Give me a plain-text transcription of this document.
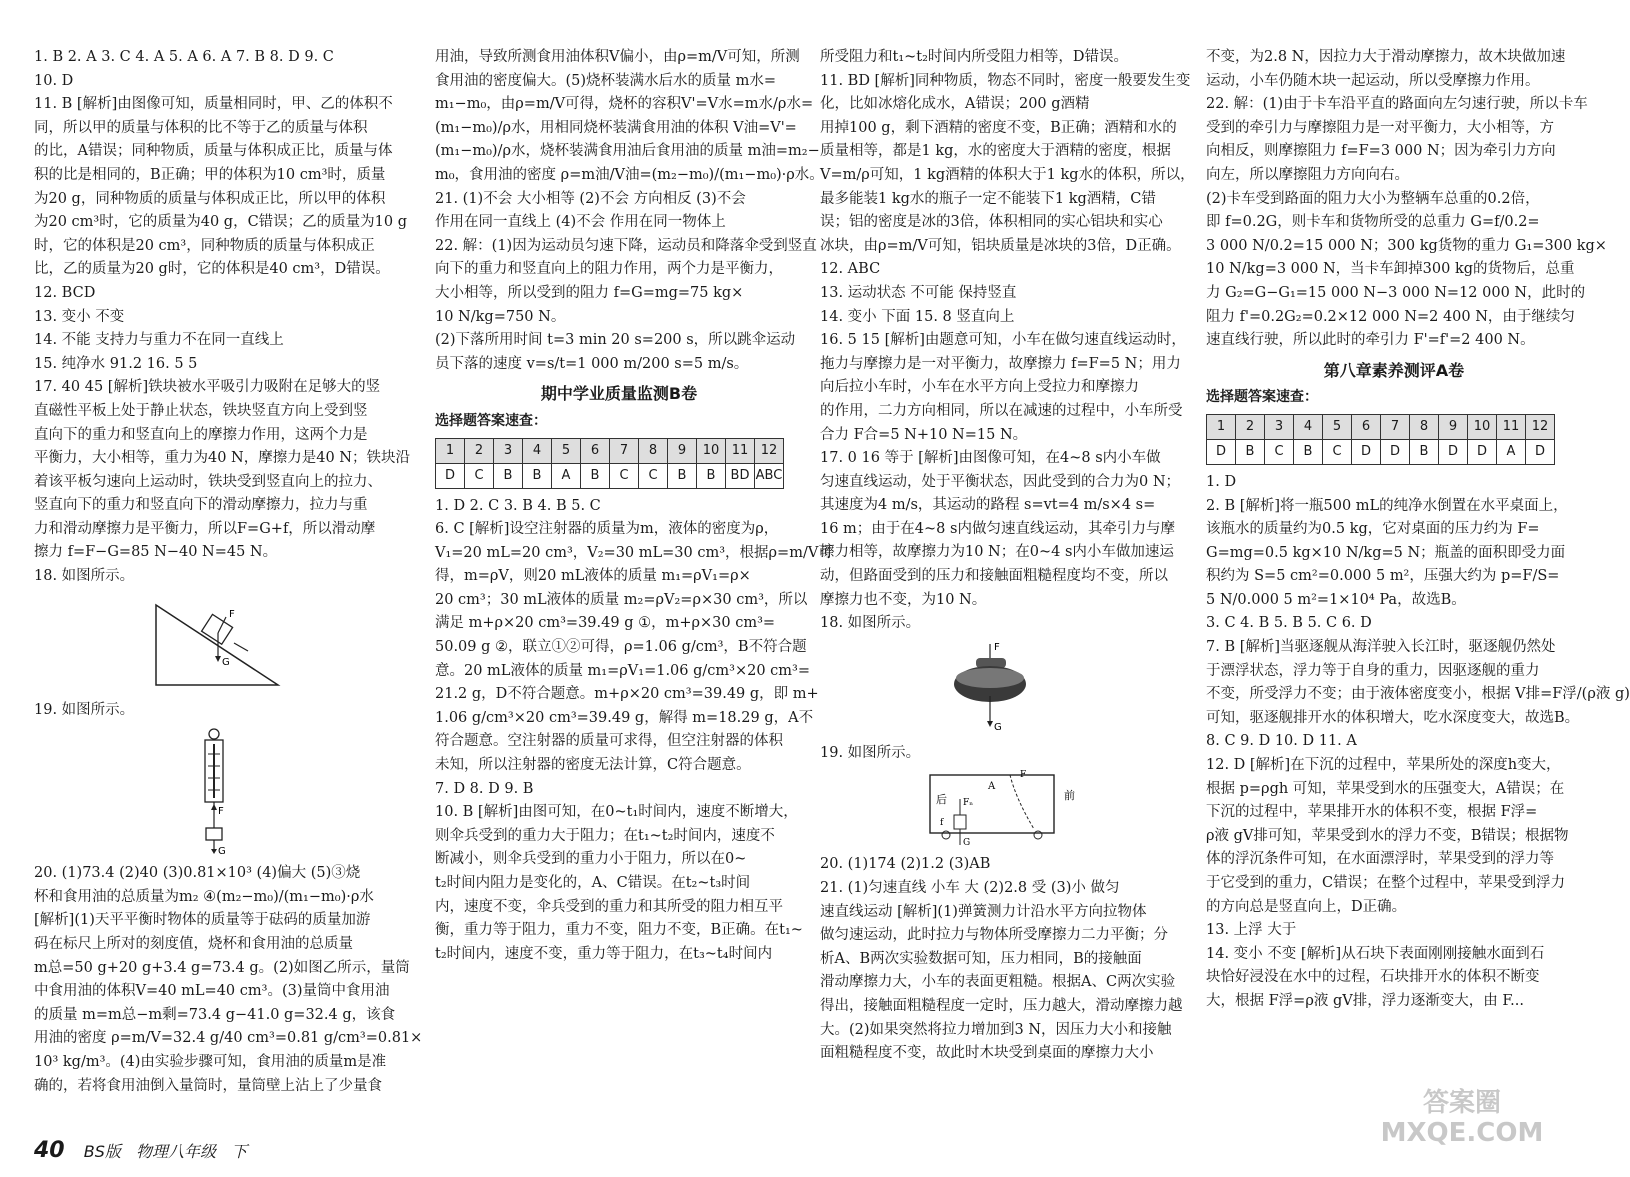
1. B 2. A 3. C 4. A 5. A 6. A 7. B 8. D 9. C
10. D
11. B [解析]由图像可知，质量相同时，甲、乙的体积不
同，所以甲的质量与体积的比不等于乙的质量与体积
的比，A错误；同种物质，质量与体积成正比，质量与体
积的比是相同的，B正确；甲的体积为10 cm³时，质量
为20 g，同种物质的质量与体积成正比，所以甲的体积
为20 cm³时，它的质量为40 g，C错误；乙的质量为10 g
时，它的体积是20 cm³，同种物质的质量与体积成正
比，乙的质量为20 g时，它的体积是40 cm³，D错误。
12. BCD
13. 变小 不变
14. 不能 支持力与重力不在同一直线上
15. 纯净水 91.2 16. 5 5
17. 40 45 [解析]铁块被水平吸引力吸附在足够大的竖
直磁性平板上处于静止状态，铁块竖直方向上受到竖
直向下的重力和竖直向上的摩擦力作用，这两个力是
平衡力，大小相等，重力为40 N，摩擦力是40 N；铁块沿
着该平板匀速向上运动时，铁块受到竖直向上的拉力、
竖直向下的重力和竖直向下的滑动摩擦力，拉力与重
力和滑动摩擦力是平衡力，所以F=G+f，所以滑动摩
擦力 f=F−G=85 N−40 N=45 N。
18. 如图所示。
F
G
19. 如图所示。
F
G
20. (1)73.4 (2)40 (3)0.81×10³ (4)偏大 (5)③烧
杯和食用油的总质量为m₂ ④(m₂−m₀)/(m₁−m₀)·ρ水
[解析](1)天平平衡时物体的质量等于砝码的质量加游
码在标尺上所对的刻度值，烧杯和食用油的总质量
m总=50 g+20 g+3.4 g=73.4 g。(2)如图乙所示，量筒
中食用油的体积V=40 mL=40 cm³。(3)量筒中食用油
的质量 m=m总−m剩=73.4 g−41.0 g=32.4 g，该食
用油的密度 ρ=m/V=32.4 g/40 cm³=0.81 g/cm³=0.81×
10³ kg/m³。(4)由实验步骤可知，食用油的质量m是准
确的，若将食用油倒入量筒时，量筒壁上沾上了少量食
用油，导致所测食用油体积V偏小，由ρ=m/V可知，所测
食用油的密度偏大。(5)烧杯装满水后水的质量 m水=
m₁−m₀，由ρ=m/V可得，烧杯的容积V'=V水=m水/ρ水=
(m₁−m₀)/ρ水，用相同烧杯装满食用油的体积 V油=V'=
(m₁−m₀)/ρ水，烧杯装满食用油后食用油的质量 m油=m₂−
m₀，食用油的密度 ρ=m油/V油=(m₂−m₀)/(m₁−m₀)·ρ水。
21. (1)不会 大小相等 (2)不会 方向相反 (3)不会
作用在同一直线上 (4)不会 作用在同一物体上
22. 解：(1)因为运动员匀速下降，运动员和降落伞受到竖直
向下的重力和竖直向上的阻力作用，两个力是平衡力，
大小相等，所以受到的阻力 f=G=mg=75 kg×
10 N/kg=750 N。
(2)下落所用时间 t=3 min 20 s=200 s，所以跳伞运动
员下落的速度 v=s/t=1 000 m/200 s=5 m/s。
期中学业质量监测B卷
选择题答案速查：
1	2	3	4	5	6	7	8	9	10	11	12
D	C	B	B	A	B	C	C	B	B	BD	ABC
1. D 2. C 3. B 4. B 5. C
6. C [解析]设空注射器的质量为m，液体的密度为ρ，
V₁=20 mL=20 cm³，V₂=30 mL=30 cm³，根据ρ=m/V可
得，m=ρV，则20 mL液体的质量 m₁=ρV₁=ρ×
20 cm³；30 mL液体的质量 m₂=ρV₂=ρ×30 cm³，所以
满足 m+ρ×20 cm³=39.49 g ①，m+ρ×30 cm³=
50.09 g ②，联立①②可得，ρ=1.06 g/cm³，B不符合题
意。20 mL液体的质量 m₁=ρV₁=1.06 g/cm³×20 cm³=
21.2 g，D不符合题意。m+ρ×20 cm³=39.49 g，即 m+
1.06 g/cm³×20 cm³=39.49 g，解得 m=18.29 g，A不
符合题意。空注射器的质量可求得，但空注射器的体积
未知，所以注射器的密度无法计算，C符合题意。
7. D 8. D 9. B
10. B [解析]由图可知，在0~t₁时间内，速度不断增大，
则伞兵受到的重力大于阻力；在t₁~t₂时间内，速度不
断减小，则伞兵受到的重力小于阻力，所以在0~
t₂时间内阻力是变化的，A、C错误。在t₂~t₃时间
内，速度不变，伞兵受到的重力和其所受的阻力相互平
衡，重力等于阻力，重力不变，阻力不变，B正确。在t₁~
t₂时间内，速度不变，重力等于阻力，在t₃~t₄时间内
所受阻力和t₁~t₂时间内所受阻力相等，D错误。
11. BD [解析]同种物质，物态不同时，密度一般要发生变
化，比如冰熔化成水，A错误；200 g酒精
用掉100 g，剩下酒精的密度不变，B正确；酒精和水的
质量相等，都是1 kg，水的密度大于酒精的密度，根据
V=m/ρ可知，1 kg酒精的体积大于1 kg水的体积，所以，
最多能装1 kg水的瓶子一定不能装下1 kg酒精，C错
误；铝的密度是冰的3倍，体积相同的实心铝块和实心
冰块，由ρ=m/V可知，铝块质量是冰块的3倍，D正确。
12. ABC
13. 运动状态 不可能 保持竖直
14. 变小 下面 15. 8 竖直向上
16. 5 15 [解析]由题意可知，小车在做匀速直线运动时，
拖力与摩擦力是一对平衡力，故摩擦力 f=F=5 N；用力
向后拉小车时，小车在水平方向上受拉力和摩擦力
的作用，二力方向相同，所以在减速的过程中，小车所受
合力 F合=5 N+10 N=15 N。
17. 0 16 等于 [解析]由图像可知，在4~8 s内小车做
匀速直线运动，处于平衡状态，因此受到的合力为0 N；
其速度为4 m/s，其运动的路程 s=vt=4 m/s×4 s=
16 m；由于在4~8 s内做匀速直线运动，其牵引力与摩
擦力相等，故摩擦力为10 N；在0~4 s内小车做加速运
动，但路面受到的压力和接触面粗糙程度均不变，所以
摩擦力也不变，为10 N。
18. 如图所示。
F
G
19. 如图所示。
后	前
A
F
Fₙ
f
G
20. (1)174 (2)1.2 (3)AB
21. (1)匀速直线 小车 大 (2)2.8 受 (3)小 做匀
速直线运动 [解析](1)弹簧测力计沿水平方向拉物体
做匀速运动，此时拉力与物体所受摩擦力二力平衡；分
析A、B两次实验数据可知，压力相同，B的接触面
滑动摩擦力大，小车的表面更粗糙。根据A、C两次实验
得出，接触面粗糙程度一定时，压力越大，滑动摩擦力越
大。(2)如果突然将拉力增加到3 N，因压力大小和接触
面粗糙程度不变，故此时木块受到桌面的摩擦力大小
不变，为2.8 N，因拉力大于滑动摩擦力，故木块做加速
运动，小车仍随木块一起运动，所以受摩擦力作用。
22. 解：(1)由于卡车沿平直的路面向左匀速行驶，所以卡车
受到的牵引力与摩擦阻力是一对平衡力，大小相等，方
向相反，则摩擦阻力 f=F=3 000 N；因为牵引力方向
向左，所以摩擦阻力方向向右。
(2)卡车受到路面的阻力大小为整辆车总重的0.2倍，
即 f=0.2G，则卡车和货物所受的总重力 G=f/0.2=
3 000 N/0.2=15 000 N；300 kg货物的重力 G₁=300 kg×
10 N/kg=3 000 N，当卡车卸掉300 kg的货物后，总重
力 G₂=G−G₁=15 000 N−3 000 N=12 000 N，此时的
阻力 f'=0.2G₂=0.2×12 000 N=2 400 N，由于继续匀
速直线行驶，所以此时的牵引力 F'=f'=2 400 N。
第八章素养测评A卷
选择题答案速查：
1	2	3	4	5	6	7	8	9	10	11	12
D	B	C	B	C	D	D	B	D	D	A	D
1. D
2. B [解析]将一瓶500 mL的纯净水倒置在水平桌面上，
该瓶水的质量约为0.5 kg，它对桌面的压力约为 F=
G=mg=0.5 kg×10 N/kg=5 N；瓶盖的面积即受力面
积约为 S=5 cm²=0.000 5 m²，压强大约为 p=F/S=
5 N/0.000 5 m²=1×10⁴ Pa，故选B。
3. C 4. B 5. B 5. C 6. D
7. B [解析]当驱逐舰从海洋驶入长江时，驱逐舰仍然处
于漂浮状态，浮力等于自身的重力，因驱逐舰的重力
不变，所受浮力不变；由于液体密度变小，根据 V排=F浮/(ρ液 g)
可知，驱逐舰排开水的体积增大，吃水深度变大，故选B。
8. C 9. D 10. D 11. A
12. D [解析]在下沉的过程中，苹果所处的深度h变大，
根据 p=ρgh 可知，苹果受到水的压强变大，A错误；在
下沉的过程中，苹果排开水的体积不变，根据 F浮=
ρ液 gV排可知，苹果受到水的浮力不变，B错误；根据物
体的浮沉条件可知，在水面漂浮时，苹果受到的浮力等
于它受到的重力，C错误；在整个过程中，苹果受到浮力
的方向总是竖直向上，D正确。
13. 上浮 大于
14. 变小 不变 [解析]从石块下表面刚刚接触水面到石
块恰好浸没在水中的过程，石块排开水的体积不断变
大，根据 F浮=ρ液 gV排，浮力逐渐变大，由 F...
40 BS版 物理八年级 下
答案圈
MXQE.COM
